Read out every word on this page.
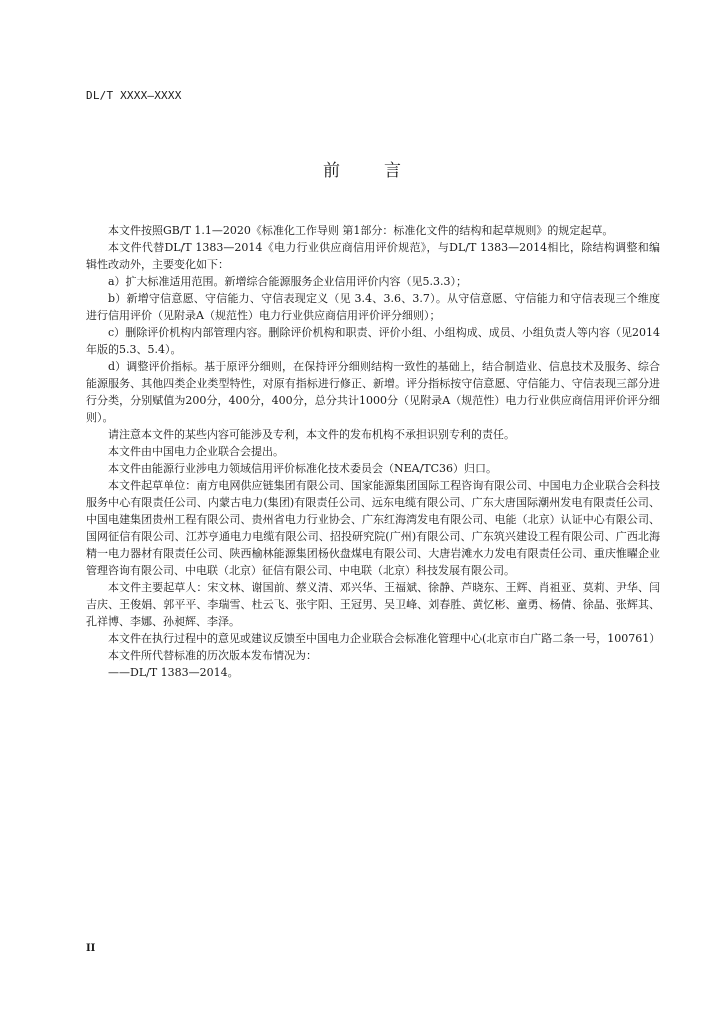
DL/T XXXX—XXXX
前	言

本文件按照GB/T 1.1—2020《标准化工作导则 第1部分：标准化文件的结构和起草规则》的规定起草。

本文件代替DL/T 1383—2014《电力行业供应商信用评价规范》，与DL/T 1383—2014相比，除结构调整和编辑性改动外，主要变化如下：

a）扩大标准适用范围。新增综合能源服务企业信用评价内容（见5.3.3）；

b）新增守信意愿、守信能力、守信表现定义（见 3.4、3.6、3.7）。从守信意愿、守信能力和守信表现三个维度进行信用评价（见附录A（规范性）电力行业供应商信用评价评分细则）；

c）删除评价机构内部管理内容。删除评价机构和职责、评价小组、小组构成、成员、小组负责人等内容（见2014年版的5.3、5.4）。

d）调整评价指标。基于原评分细则，在保持评分细则结构一致性的基础上，结合制造业、信息技术及服务、综合能源服务、其他四类企业类型特性，对原有指标进行修正、新增。评分指标按守信意愿、守信能力、守信表现三部分进行分类，分别赋值为200分，400分，400分，总分共计1000分（见附录A（规范性）电力行业供应商信用评价评分细则）。

请注意本文件的某些内容可能涉及专利，本文件的发布机构不承担识别专利的责任。

本文件由中国电力企业联合会提出。

本文件由能源行业涉电力领域信用评价标准化技术委员会（NEA/TC36）归口。

本文件起草单位：南方电网供应链集团有限公司、国家能源集团国际工程咨询有限公司、中国电力企业联合会科技服务中心有限责任公司、内蒙古电力(集团)有限责任公司、远东电缆有限公司、广东大唐国际潮州发电有限责任公司、中国电建集团贵州工程有限公司、贵州省电力行业协会、广东红海湾发电有限公司、电能（北京）认证中心有限公司、国网征信有限公司、江苏亨通电力电缆有限公司、招投研究院(广州)有限公司、广东筑兴建设工程有限公司、广西北海精一电力器材有限责任公司、陕西榆林能源集团杨伙盘煤电有限公司、大唐岩滩水力发电有限责任公司、重庆惟曜企业管理咨询有限公司、中电联（北京）征信有限公司、中电联（北京）科技发展有限公司。

本文件主要起草人：宋文林、谢国前、蔡义清、邓兴华、王福斌、徐静、芦晓东、王辉、肖祖亚、莫莉、尹华、闫吉庆、王俊娟、郭平平、李瑞雪、杜云飞、张宇阳、王冠男、吴卫峰、刘春胜、黄忆彬、童勇、杨倩、徐晶、张辉其、孔祥博、李娜、孙昶辉、李泽。

本文件在执行过程中的意见或建议反馈至中国电力企业联合会标准化管理中心(北京市白广路二条一号，100761）

本文件所代替标准的历次版本发布情况为：

——DL/T 1383—2014。

II
